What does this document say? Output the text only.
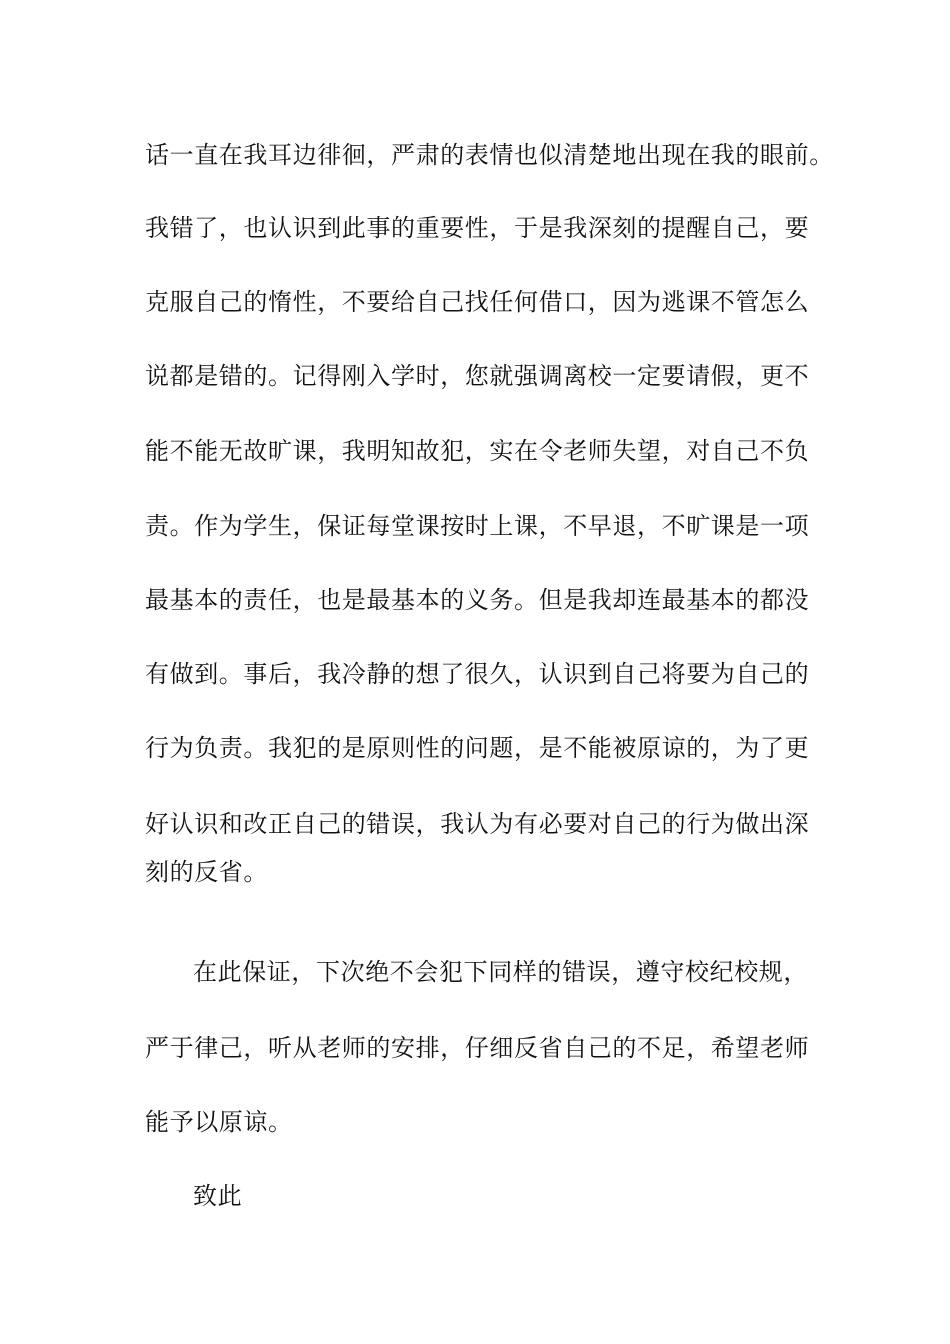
话一直在我耳边徘徊，严肃的表情也似清楚地出现在我的眼前。
我错了，也认识到此事的重要性，于是我深刻的提醒自己，要
克服自己的惰性，不要给自己找任何借口，因为逃课不管怎么
说都是错的。记得刚入学时，您就强调离校一定要请假，更不
能不能无故旷课，我明知故犯，实在令老师失望，对自己不负
责。作为学生，保证每堂课按时上课，不早退，不旷课是一项
最基本的责任，也是最基本的义务。但是我却连最基本的都没
有做到。事后，我冷静的想了很久，认识到自己将要为自己的
行为负责。我犯的是原则性的问题，是不能被原谅的，为了更
好认识和改正自己的错误，我认为有必要对自己的行为做出深
刻的反省。
在此保证，下次绝不会犯下同样的错误，遵守校纪校规，
严于律己，听从老师的安排，仔细反省自己的不足，希望老师
能予以原谅。
致此
